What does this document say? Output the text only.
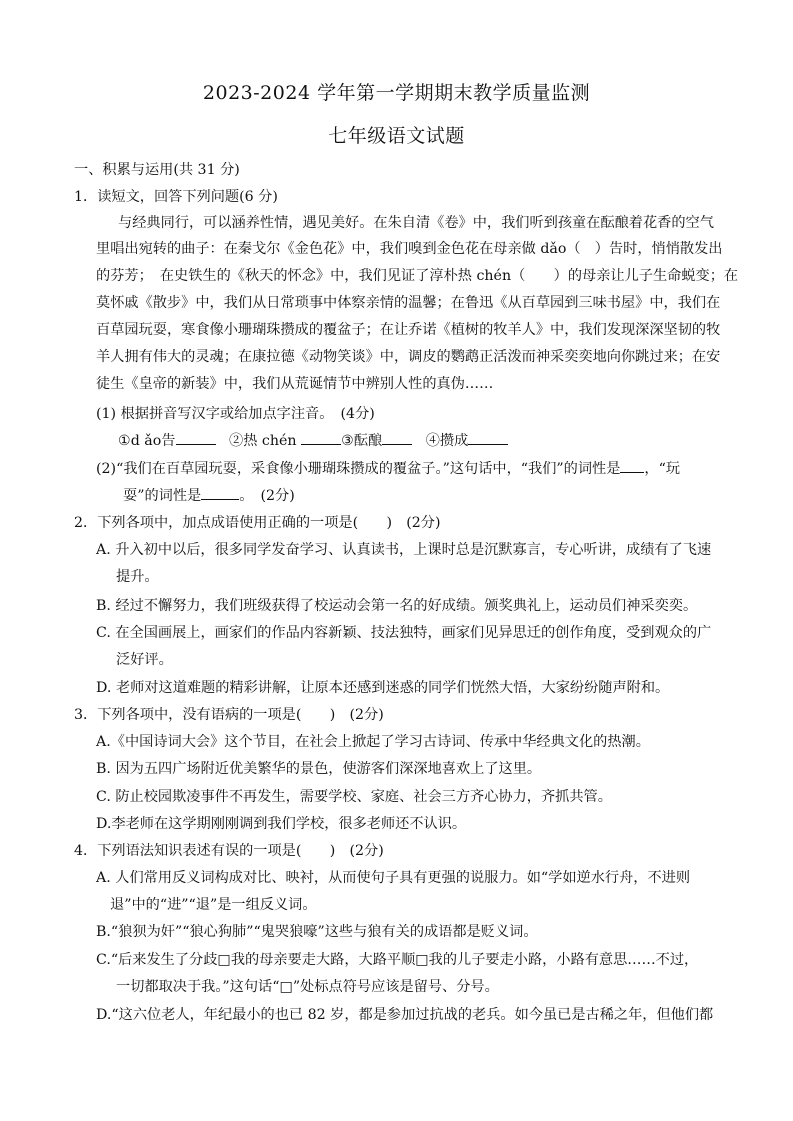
2023-2024 学年第一学期期末教学质量监测
七年级语文试题
一、积累与运用(共 31 分)
1．读短文，回答下列问题(6 分)
与经典同行，可以涵养性情，遇见美好。在朱自清《卷》中，我们听到孩童在酝酿着花香的空气
里唱出宛转的曲子：在秦戈尔《金色花》中，我们嗅到金色花在母亲做 dǎo（　）告时，悄悄散发出
的芬芳；　在史铁生的《秋天的怀念》中，我们见证了淳朴热 chén（　　）的母亲让儿子生命蜕变；在
莫怀戚《散步》中，我们从日常琐事中体察亲情的温馨；在鲁迅《从百草园到三味书屋》中，我们在
百草园玩耍，寒食像小珊瑚珠攒成的覆盆子；在让乔诺《植树的牧羊人》中，我们发现深深坚韧的牧
羊人拥有伟大的灵魂；在康拉德《动物笑谈》中，调皮的鹦鹉正活泼而神采奕奕地向你跳过来；在安
徒生《皇帝的新装》中，我们从荒诞情节中辨别人性的真伪……
(1) 根据拼音写汉字或给加点字注音。　(4分)
①d ǎo告	②热 chén	③酝酿	④攒成
(2)“我们在百草园玩耍，采食像小珊瑚珠攒成的覆盆子。”这句话中，“我们”的词性是 ，“玩
耍”的词性是	。　(2分)
2．下列各项中，加点成语使用正确的一项是(　　)　(2分)
A. 升入初中以后，很多同学发奋学习、认真读书，上课时总是沉默寡言，专心听讲，成绩有了飞速
提升。
B. 经过不懈努力，我们班级获得了校运动会第一名的好成绩。颁奖典礼上，运动员们神采奕奕。
C. 在全国画展上，画家们的作品内容新颖、技法独特，画家们见异思迁的创作角度，受到观众的广
泛好评。
D. 老师对这道难题的精彩讲解，让原本还感到迷惑的同学们恍然大悟，大家纷纷随声附和。
3．下列各项中，没有语病的一项是(　　)　(2分)
A.《中国诗词大会》这个节目，在社会上掀起了学习古诗词、传承中华经典文化的热潮。
B. 因为五四广场附近优美繁华的景色，使游客们深深地喜欢上了这里。
C. 防止校园欺凌事件不再发生，需要学校、家庭、社会三方齐心协力，齐抓共管。
D.李老师在这学期刚刚调到我们学校，很多老师还不认识。
4．下列语法知识表述有误的一项是(　　)　(2分)
A. 人们常用反义词构成对比、映衬，从而使句子具有更强的说服力。如“学如逆水行舟，不进则
退”中的“进”“退”是一组反义词。
B.“狼狈为奸”“狼心狗肺”“鬼哭狼嚎”这些与狼有关的成语都是贬义词。
C.“后来发生了分歧□我的母亲要走大路，大路平顺□我的儿子要走小路，小路有意思……不过，
一切都取决于我。”这句话“□”处标点符号应该是留号、分号。
D.“这六位老人，年纪最小的也已 82 岁，都是参加过抗战的老兵。如今虽已是古稀之年，但他们都
